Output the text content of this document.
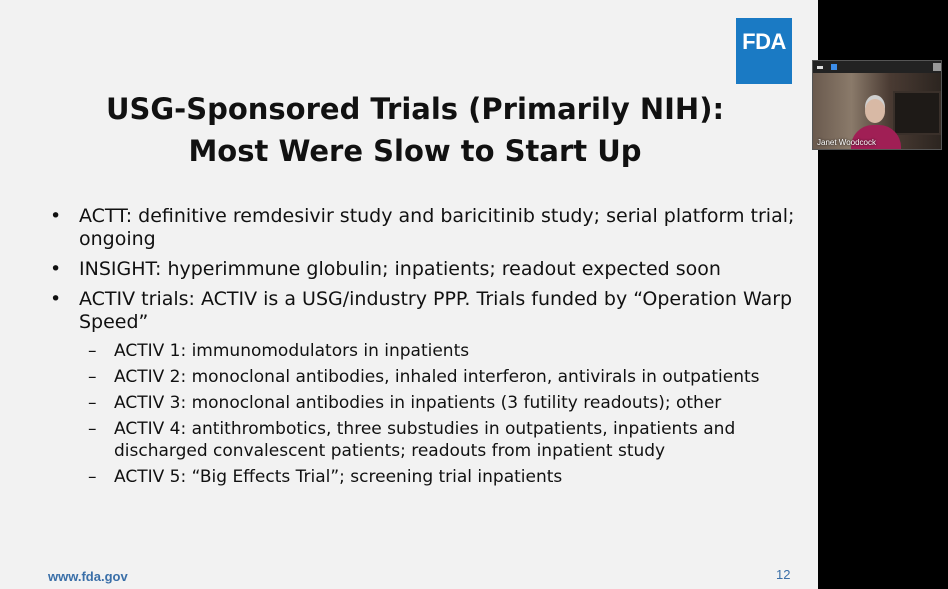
FDA
USG-Sponsored Trials (Primarily NIH):
Most Were Slow to Start Up
• ACTT: definitive remdesivir study and baricitinib study; serial platform trial; ongoing
• INSIGHT: hyperimmune globulin; inpatients; readout expected soon
• ACTIV trials: ACTIV is a USG/industry PPP. Trials funded by “Operation Warp Speed”
– ACTIV 1: immunomodulators in inpatients
– ACTIV 2: monoclonal antibodies, inhaled interferon, antivirals in outpatients
– ACTIV 3: monoclonal antibodies in inpatients (3 futility readouts); other
– ACTIV 4: antithrombotics, three substudies in outpatients, inpatients and discharged convalescent patients; readouts from inpatient study
– ACTIV 5: “Big Effects Trial”; screening trial inpatients
www.fda.gov	12
Janet Woodcock
